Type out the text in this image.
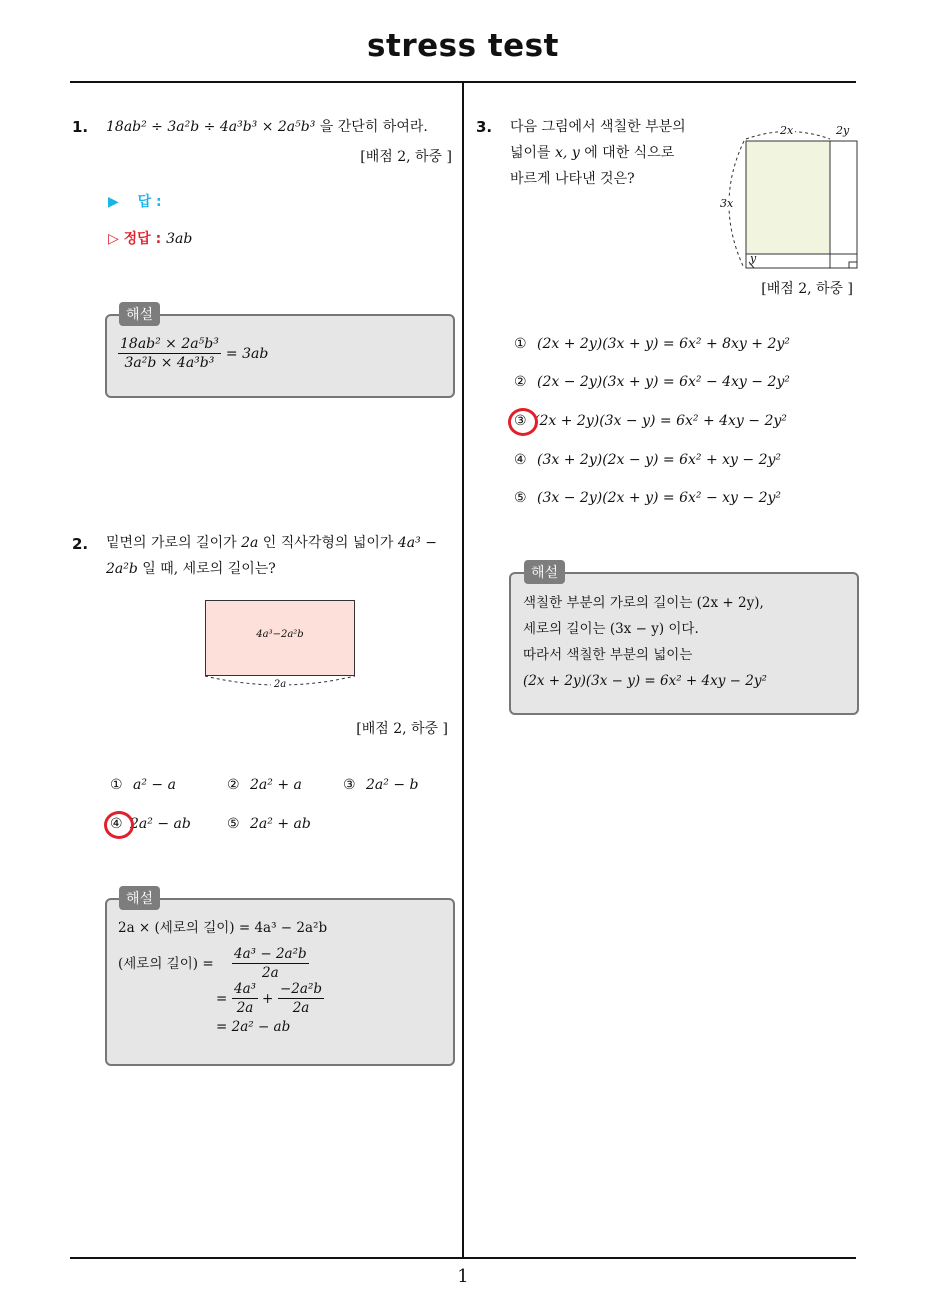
stress test
1. 18ab² ÷ 3a²b ÷ 4a³b³ × 2a⁵b³ 을 간단히 하여라.
[배점 2, 하중 ]
▶ 답 :
▷ 정답 : 3ab
해설
$\frac{\text{18ab² × 2a⁵b³}}{\text{3a²b × 4a³b³}} = 3ab$
2. 밑면의 가로의 길이가 2a 인 직사각형의 넓이가 4a³ −
2a²b 일 때, 세로의 길이는?
4a³−2a²b
2a
[배점 2, 하중 ]
① a² − a	② 2a² + a	③ 2a² − b
④ 2a² − ab	⑤ 2a² + ab
해설
2a × (세로의 길이) = 4a³ − 2a²b
(세로의 길이) = $\frac{\text{4a³ − 2a²b}}{2a}$
= $\frac{\text{4a³}}{2a} + \frac{\text{−2a²b}}{2a}$
= 2a² − ab
3. 다음 그림에서 색칠한 부분의
넓이를 x, y 에 대한 식으로
바르게 나타낸 것은?
2x	2y
3x
y
[배점 2, 하중 ]
① (2x + 2y)(3x + y) = 6x² + 8xy + 2y²
② (2x − 2y)(3x + y) = 6x² − 4xy − 2y²
③ (2x + 2y)(3x − y) = 6x² + 4xy − 2y²
④ (3x + 2y)(2x − y) = 6x² + xy − 2y²
⑤ (3x − 2y)(2x + y) = 6x² − xy − 2y²
해설
색칠한 부분의 가로의 길이는 (2x + 2y),
세로의 길이는 (3x − y) 이다.
따라서 색칠한 부분의 넓이는
(2x + 2y)(3x − y) = 6x² + 4xy − 2y²
1
